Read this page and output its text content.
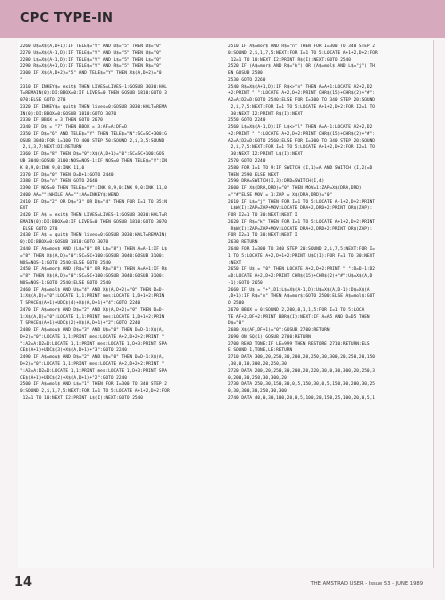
CPC TYPE-IN
2260 D$=X$(A,D+1):IF TELE$="Y" AND D$="5" THEN D$="0"
2270 U$=X$(A-1,D):IF TELE$="Y" AND U$="5" THEN U$="0"
2280 L$=X$(A-1,D):IF TELE$="Y" AND L$="5" THEN L$="0"
2290 R$=X$(A+1,D):IF TELE$="Y" AND R$="5" THEN R$="0"
2300 IF X$(A,D+2)="5" AND TELE$="Y" THEN X$(A,D+2)="0
"
2310 IF INKEY$= exit$ THEN LIVES=LIVES-1:GOSUB 3030:HAL
T=REMAIN(0):DI:BBOX=0:IF LIVES=0 THEN GOSUB 1810:GOTO 3
070:ELSE GOTO 270
2320 IF INKEY$= quit$ THEN lives=0:GOSUB 3030:HALT=REMA
IN(0):DI:BBOX=0:GOSUB 1810:GOTO 3070
2330 IF BBOX = 3 THEN GOTO 2670
2340 IF D$ = "7" THEN BBOX = 3:AF=A:DF=D
2350 IF D$="6" AND TELE$="Y" THEN TELE$="N":SC=SC+300:G
OSUB 3040:FOR i=100 TO 400 STEP 50:SOUND 2,i,3,5:SOUND
2,i,3,7:NEXT:DI:RETURN
2360 IF D$="8" THEN D$="0":X$(A,D+1)="0":SC=SC+100:GOS
UB 3040:GOSUB 3100:NOS=NOS-1:IF NOS=0 THEN TELE$="Y":IN
K 8,9,0:INK 9,0:INK 11,0
2370 IF D$="0" THEN D=D+1:GOTO 2440
2380 IF D$="n" THEN GOTO 2640
2390 IF NOS=0 THEN TELE$="Y":INK 8,9,0:INK 9,0:INK 11,0
2400 AA="":WHILE AA="":AA=INKEY$:WEND
2410 IF D$="2" OR D$="3" OR D$="4" THEN FOR I=1 TO 35:N
EXT
2420 IF A$ = exit$ THEN LIVES=LIVES-1:GOSUB 3030:HALT=R
EMAIN(0):DI:BBOX=0:IF LIVES=0 THEN GOSUB 1810:GOTO 3070
ELSE GOTO 270
2430 IF A$ = quit$ THEN lives=0:GOSUB 3030:HALT=REMAIN(
0):DI:BBOX=0:GOSUB 1810:GOTO 3070
2440 IF A$=mov$ AND (L$="0" OR L$="8") THEN A=A-1:IF L$
="8" THEN X$(A,D)="0":SC=SC+100:GOSUB 3040:GOSUB 3100:
NOS=NOS-1:GOTO 2540:ELSE GOTO 2540
2450 IF A$=mor$ AND (R$="0" OR R$="8") THEN A=A+1:IF R$
="8" THEN X$(A,D)="0":SC=SC+100:GOSUB 3040:GOSUB 3100:
NOS=NOS-1:GOTO 2540:ELSE GOTO 2540
2460 IF A$=mol$ AND U$="4" AND X$(A,D+2)="0" THEN D=D-
1:X$(A,D)="0":LOCATE 1,1:PRINT mes:LOCATE 1,D+1+2:PRIN
T SPACE$(A+1)+UDC$(4)+X$(A,D+1)+"4":GOTO 2240
2470 IF A$=mor$ AND D$="2" AND X$(A,D+2)="0" THEN D=D-
1:X$(A,D)="0":LOCATE 1,1:PRINT mes:LOCATE 1,D+1+2:PRIN
T SPACE$(A+1)+UDC$(2)+X$(A,D+1)+"2":GOTO 2240
2480 IF A$=mou$ AND D$="3" AND U$="0" THEN D=D-1:X$(A,
D+2)="0":LOCATE 1,1:PRINT mes:LOCATE A+2,D+2+2:PRINT "
":A2=A:D2=D:LOCATE 1,1:PRINT mes:LOCATE 1,D+3:PRINT SPA
CE$(A+1)+UDC$(3)+X$(A,D+1)+"3":GOTO 2240
2490 IF A$=mou$ AND D$="2" AND U$="0" THEN D=D-1:X$(A,
D+2)="0":LOCATE 1,1:PRINT mes:LOCATE A+2,D+2+2:PRINT "
":A2=A:D2=D:LOCATE 1,1:PRINT mes:LOCATE 1,D+3:PRINT SPA
CE$(A+1)+UDC$(2)+X$(A,D+1)+"2":GOTO 2240
2500 IF A$=mol$ AND L$="1" THEN FOR I=300 TO 340 STEP 2
0:SOUND 2,i,1,7,5:NEXT:FOR I=1 TO 5:LOCATE A+1+2,D+2:FOR
12=1 TO 10:NEXT I2:PRINT L$(I):NEXT:GOTO 2540
2510 IF A$=mor$ AND R$="n" THEN FOR I=300 TO 340 STEP 2
0:SOUND 2,i,1,7,5:NEXT:FOR I=1 TO 5:LOCATE A+1+2,D+2:FOR
12=1 TO 10:NEXT I2:PRINT R$(I):NEXT:GOTO 2540
2520 IF (A$=mor$ AND R$="k") OR (A$=mol$ AND L$="j") TH
EN GOSUB 2580
2530 GOTO 2260
2540 R$=X$(A+1,D):IF R$<>"n" THEN A=A+1:LOCATE A2+2,D2
+2:PRINT " ":LOCATE A+2,D+2:PRINT CHR$(15)+CHR$(2)+"#":
A2=A:D2=D:GOTO 2540:ELSE FOR I=300 TO 340 STEP 20:SOUND
2,i,7,5:NEXT:FOR I=1 TO 5:LOCATE A+1+2,D+2:FOR I2=1 TO
30:NEXT I2:PRINT R$(I):NEXT
2550 GOTO 2240
2560 L$=X$(A-1,D):IF L$<>"l" THEN A=A-1:LOCATE A2+2,D2
+2:PRINT " ":LOCATE A+2,D+2:PRINT CHR$(15)+CHR$(2)+"#":
A2=A:D2=D:GOTO 2560:ELSE FOR I=300 TO 340 STEP 20:SOUND
2,i,7,5:NEXT:FOR I=1 TO 5:LOCATE A+1+2,D+2:FOR I2=1 TO
30:NEXT I2:PRINT L$(I):NEXT
2570 GOTO 2240
2580 FOR I=1 TO 9:IF SWITCH (I,1)=A AND SWITCH (I,2)=D
THEN 2590 ELSE NEXT
2590 DRA=SWITCH(I,3):DRD=SWITCH(I,4)
2600 IF X$(DRA,DRD)="0" THEN MOV=1:ZAP=X$(DRA,DRD)
=""#"ELSE MOV = 1:ZAP = X$(DRA,DRD)="0"
2610 IF L$="j" THEN FOR I=1 TO 5:LOCATE A-1+2,D+2:PRINT
L$W(I):ZAP=ZAP+MOV:LOCATE DRA+2,DRD+2:PRINT DR$(ZAP):
FOR I2=1 TO 30:NEXT:NEXT I
2620 IF R$="k" THEN FOR I=1 TO 5:LOCATE A+1+2,D+2:PRINT
R$W(I):ZAP=ZAP+MOV:LOCATE DRA+2,DRD+2:PRINT DR$(ZAP):
FOR I2=1 TO 30:NEXT:NEXT I
2630 RETURN
2640 FOR I=300 TO 340 STEP 20:SOUND 2,i,7,5:NEXT:FOR I=
1 TO 5:LOCATE A+2,D+1+2:PRINT U$C(I):FOR F=1 TO 30:NEXT
:NEXT
2650 IF U$ = "0" THEN LOCATE A+2,D+2:PRINT " ":D=D-1:D2
=D:LOCATE A+2,D+2:PRINT CHR$(15)+CHR$(2)+"#":U$=X$(A,D
-1):GOTO 2650
2660 IF U$ = "+",D1:L$=X$(A-1,D):U$=X$(A,D-1):D$=X$(A
,D+1):IF R$="n" THEN A$=mor$:GOTO 2500:ELSE A$=mol$:GOT
O 2500
2670 BBOX = 0:SOUND 2,200,0,1,1,5:FOR I=1 TO 5:LOCA
TE AF+2,DF+2:PRINT BBR$(I):NEXT:IF A=A5 AND D=D5 THEN
D$="0"
2680 X$(AF,DF+1)="0":GOSUB 2700:RETURN
2690 ON SQ(1) GOSUB 2700:RETURN
2700 READ TONE:IF LE=999 THEN RESTORE 2710:RETURN:ELS
E SOUND 1,TONE,LE:RETURN
2710 DATA 300,20,250,30,200,20,250,30,300,20,250,20,150
,30,0,10,300,20,250,30
2720 DATA 200,20,250,30,200,20,220,30,0,30,300,20,250,3
0,200,30,250,30,300,20
2730 DATA 250,30,150,30,0,5,150,30,0,5,150,30,200,30,25
0,30,300,30,250,30,300
2740 DATA 40,0,30,100,20,0,5,100,20,150,25,100,20,0,5,1
14	THE AMSTRAD USER - Issue 53 - JUNE 1989
